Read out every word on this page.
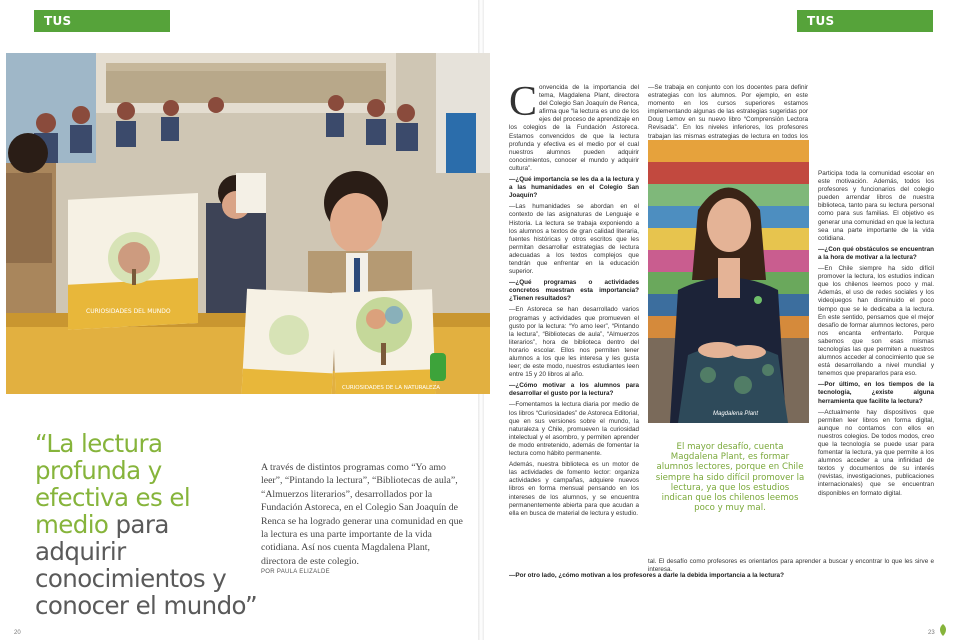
TUS INQUIETUDES
TUS INQUIETUDES
CURIOSIDADES DEL MUNDO
CURIOSIDADES DE LA NATURALEZA
“La lectura profunda y efectiva es el medio para adquirir conocimientos y conocer el mundo”
A través de distintos programas como “Yo amo leer”, “Pintando la lectura”, “Bibliotecas de aula”, “Almuerzos literarios”, desarrollados por la Fundación Astoreca, en el Colegio San Joaquín de Renca se ha logrado generar una comunidad en que la lectura es una parte importante de la vida cotidiana. Así nos cuenta Magdalena Plant, directora de este colegio.
POR PAULA ELIZALDE
20	23

Convencida de la importancia del tema, Magdalena Plant, directora del Colegio San Joaquín de Renca, afirma que “la lectura es uno de los ejes del proceso de aprendizaje en los colegios de la Fundación Astoreca. Estamos convencidos de que la lectura profunda y efectiva es el medio por el cual nuestros alumnos pueden adquirir conocimientos, conocer el mundo y adquirir cultura”.

—¿Qué importancia se les da a la lectura y a las humanidades en el Colegio San Joaquín?

—Las humanidades se abordan en el contexto de las asignaturas de Lenguaje e Historia. La lectura se trabaja exponiendo a los alumnos a textos de gran calidad literaria, fuentes históricas y otros escritos que les permitan desarrollar estrategias de lectura adecuadas a los textos complejos que tendrán que enfrentar en la educación superior.

—¿Qué programas o actividades concretos muestran esta importancia? ¿Tienen resultados?

—En Astoreca se han desarrollado varios programas y actividades que promueven el gusto por la lectura: “Yo amo leer”, “Pintando la lectura”, “Bibliotecas de aula”, “Almuerzos literarios”, hora de biblioteca dentro del horario escolar. Ellos nos permiten tener alumnos a los que les interesa y les gusta leer; de este modo, nuestros estudiantes leen entre 15 y 20 libros al año.

—¿Cómo motivar a los alumnos para desarrollar el gusto por la lectura?

—Fomentamos la lectura diaria por medio de los libros “Curiosidades” de Astoreca Editorial, que en sus versiones sobre el mundo, la naturaleza y Chile, promueven la curiosidad intelectual y el asombro, y permiten aprender de modo entretenido, además de fomentar la lectura como hábito permanente.

Además, nuestra biblioteca es un motor de las actividades de fomento lector: organiza actividades y campañas, adquiere nuevos libros en forma mensual pensando en los intereses de los alumnos, y se encuentra permanentemente abierta para que acudan a ella en busca de material de lectura y estudio.

—Por otro lado, ¿cómo motivan a los profesores a darle la debida importancia a la lectura?

—Se trabaja en conjunto con los docentes para definir estrategias con los alumnos. Por ejemplo, en este momento en los cursos superiores estamos implementando algunas de las estrategias sugeridas por Doug Lemov en su nuevo libro “Comprensión Lectora Revisada”. En los niveles inferiores, los profesores trabajan las mismas estrategias de lectura en todos los

Magdalena Plant
El mayor desafío, cuenta Magdalena Plant, es formar alumnos lectores, porque en Chile siempre ha sido difícil promover la lectura, ya que los estudios indican que los chilenos leemos poco y muy mal.
tal. El desafío como profesores es orientarlos para aprender a buscar y encontrar lo que les sirve e interesa.

Participa toda la comunidad escolar en este motivación. Además, todos los profesores y funcionarios del colegio pueden arrendar libros de nuestra biblioteca, tanto para su lectura personal como para sus familias. El objetivo es generar una comunidad en que la lectura sea una parte importante de la vida cotidiana.

—¿Con qué obstáculos se encuentran a la hora de motivar a la lectura?

—En Chile siempre ha sido difícil promover la lectura, los estudios indican que los chilenos leemos poco y mal. Además, el uso de redes sociales y los videojuegos han disminuido el poco tiempo que se le dedicaba a la lectura. En este sentido, pensamos que el mejor desafío de formar alumnos lectores, pero nos encanta enfrentarlo. Porque sabemos que son esas mismas tecnologías las que permiten a nuestros alumnos acceder al conocimiento que se está desarrollando a nivel mundial y tenemos que prepararlos para eso.

—Por último, en los tiempos de la tecnología, ¿existe alguna herramienta que facilite la lectura?

—Actualmente hay dispositivos que permiten leer libros en forma digital, aunque no contamos con ellos en nuestros colegios. De todos modos, creo que la tecnología se puede usar para fomentar la lectura, ya que permite a los alumnos acceder a una infinidad de textos y documentos de su interés (revistas, investigaciones, publicaciones internacionales) que se encuentran disponibles en formato digital.
